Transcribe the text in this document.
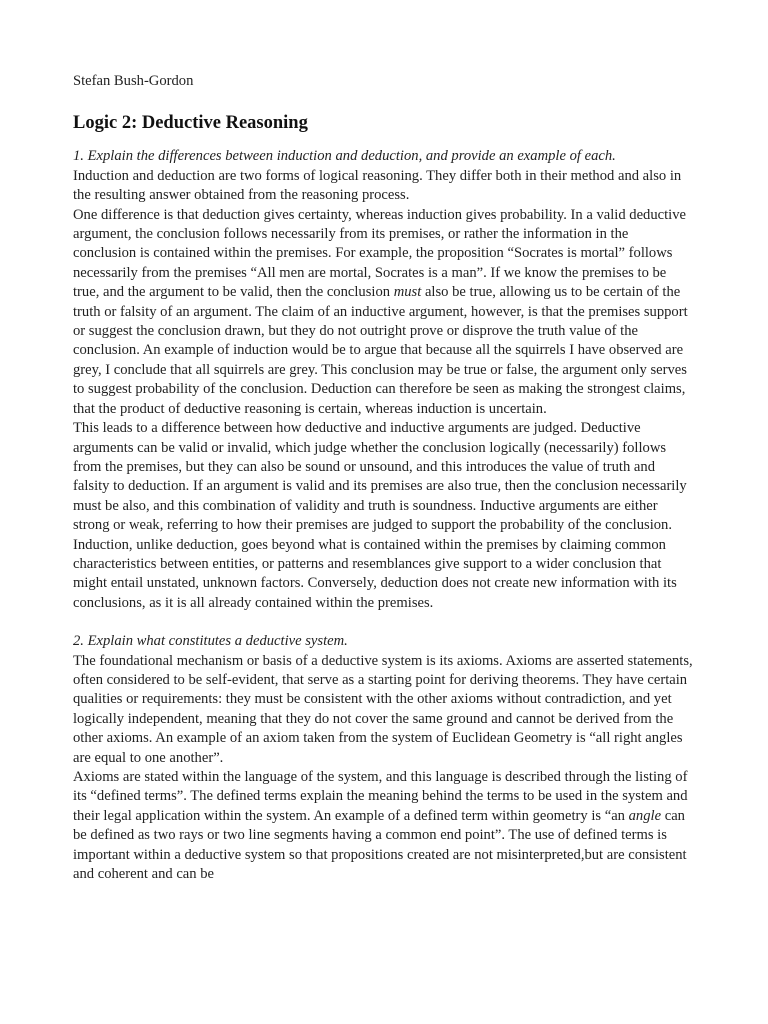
Stefan Bush-Gordon

Logic 2: Deductive Reasoning

1. Explain the differences between induction and deduction, and provide an example of each.

Induction and deduction are two forms of logical reasoning. They differ both in their method and also in the resulting answer obtained from the reasoning process.

One difference is that deduction gives certainty, whereas induction gives probability. In a valid deductive argument, the conclusion follows necessarily from its premises, or rather the information in the conclusion is contained within the premises. For example, the proposition “Socrates is mortal” follows necessarily from the premises “All men are mortal, Socrates is a man”. If we know the premises to be true, and the argument to be valid, then the conclusion must also be true, allowing us to be certain of the truth or falsity of an argument. The claim of an inductive argument, however, is that the premises support or suggest the conclusion drawn, but they do not outright prove or disprove the truth value of the conclusion. An example of induction would be to argue that because all the squirrels I have observed are grey, I conclude that all squirrels are grey. This conclusion may be true or false, the argument only serves to suggest probability of the conclusion. Deduction can therefore be seen as making the strongest claims, that the product of deductive reasoning is certain, whereas induction is uncertain.

This leads to a difference between how deductive and inductive arguments are judged. Deductive arguments can be valid or invalid, which judge whether the conclusion logically (necessarily) follows from the premises, but they can also be sound or unsound, and this introduces the value of truth and falsity to deduction. If an argument is valid and its premises are also true, then the conclusion necessarily must be also, and this combination of validity and truth is soundness. Inductive arguments are either strong or weak, referring to how their premises are judged to support the probability of the conclusion.

Induction, unlike deduction, goes beyond what is contained within the premises by claiming common characteristics between entities, or patterns and resemblances give support to a wider conclusion that might entail unstated, unknown factors. Conversely, deduction does not create new information with its conclusions, as it is all already contained within the premises.

2. Explain what constitutes a deductive system.

The foundational mechanism or basis of a deductive system is its axioms. Axioms are asserted statements, often considered to be self-evident, that serve as a starting point for deriving theorems. They have certain qualities or requirements: they must be consistent with the other axioms without contradiction, and yet logically independent, meaning that they do not cover the same ground and cannot be derived from the other axioms. An example of an axiom taken from the system of Euclidean Geometry is “all right angles are equal to one another”.

Axioms are stated within the language of the system, and this language is described through the listing of its “defined terms”. The defined terms explain the meaning behind the terms to be used in the system and their legal application within the system. An example of a defined term within geometry is “an angle can be defined as two rays or two line segments having a common end point”. The use of defined terms is important within a deductive system so that propositions created are not misinterpreted,but are consistent and coherent and can be
